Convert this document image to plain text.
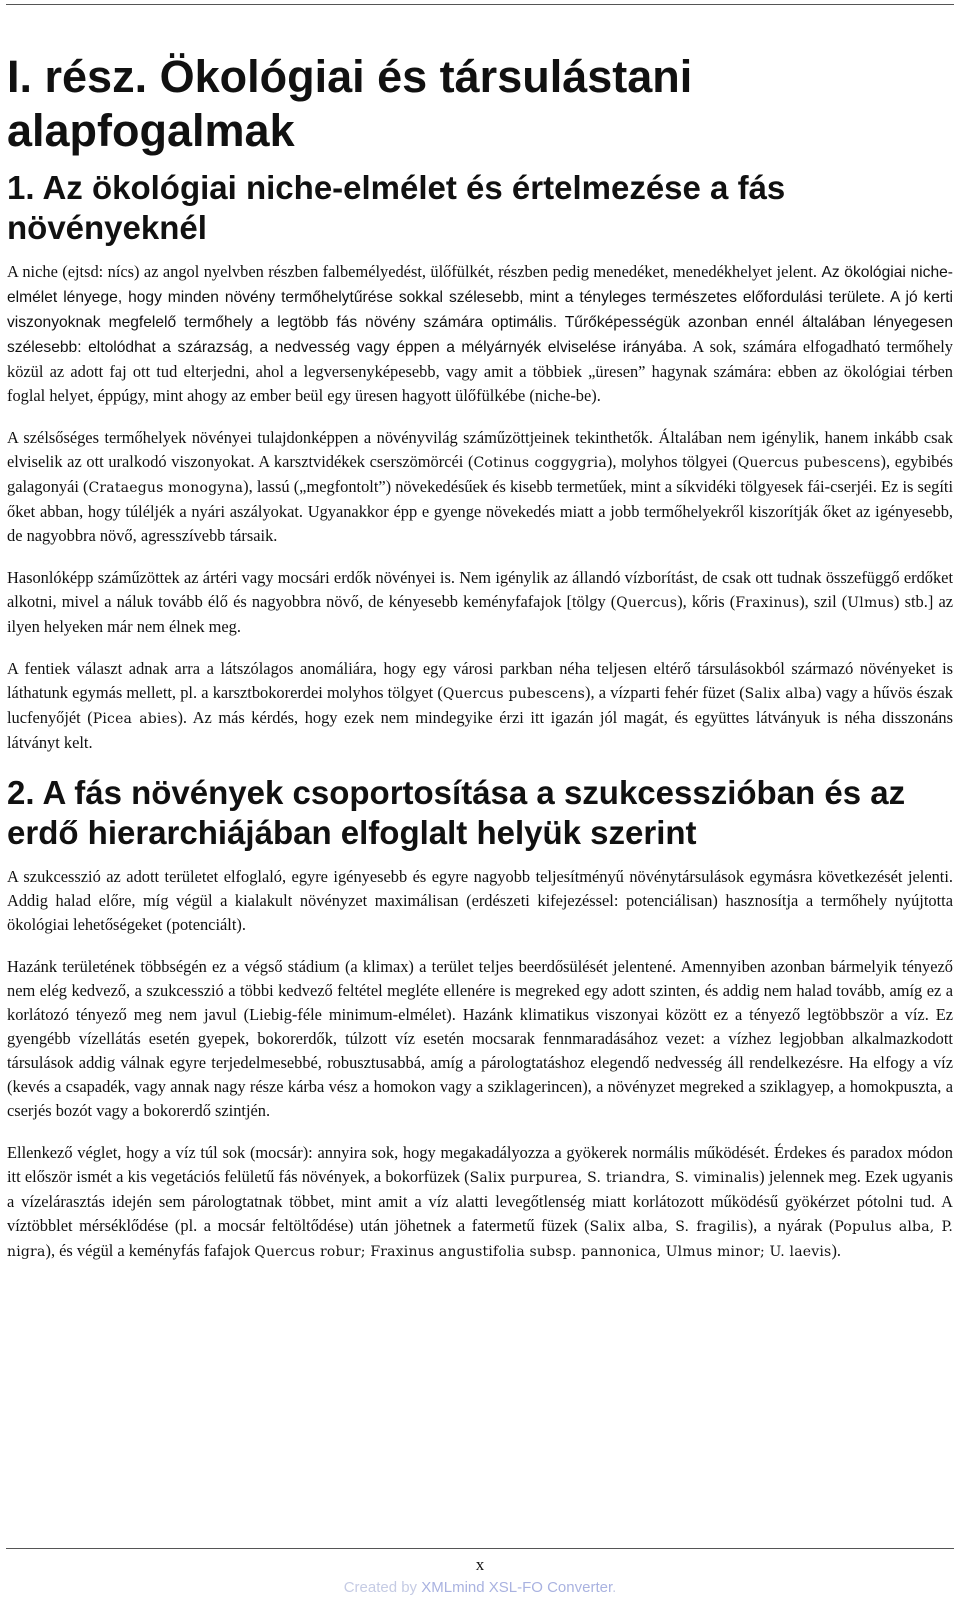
I. rész. Ökológiai és társulástani alapfogalmak
1. Az ökológiai niche-elmélet és értelmezése a fás növényeknél

A niche (ejtsd: nícs) az angol nyelvben részben falbemélyedést, ülőfülkét, részben pedig menedéket, menedékhelyet jelent. Az ökológiai niche-elmélet lényege, hogy minden növény termőhelytűrése sokkal szélesebb, mint a tényleges természetes előfordulási területe. A jó kerti viszonyoknak megfelelő termőhely a legtöbb fás növény számára optimális. Tűrőképességük azonban ennél általában lényegesen szélesebb: eltolódhat a szárazság, a nedvesség vagy éppen a mélyárnyék elviselése irányába. A sok, számára elfogadható termőhely közül az adott faj ott tud elterjedni, ahol a legversenyképesebb, vagy amit a többiek „üresen” hagynak számára: ebben az ökológiai térben foglal helyet, éppúgy, mint ahogy az ember beül egy üresen hagyott ülőfülkébe (niche-be).

A szélsőséges termőhelyek növényei tulajdonképpen a növényvilág száműzöttjeinek tekinthetők. Általában nem igénylik, hanem inkább csak elviselik az ott uralkodó viszonyokat. A karsztvidékek cserszömörcéi (Cotinus coggygria), molyhos tölgyei (Quercus pubescens), egybibés galagonyái (Crataegus monogyna), lassú („megfontolt”) növekedésűek és kisebb termetűek, mint a síkvidéki tölgyesek fái-cserjéi. Ez is segíti őket abban, hogy túléljék a nyári aszályokat. Ugyanakkor épp e gyenge növekedés miatt a jobb termőhelyekről kiszorítják őket az igényesebb, de nagyobbra növő, agresszívebb társaik.

Hasonlóképp száműzöttek az ártéri vagy mocsári erdők növényei is. Nem igénylik az állandó vízborítást, de csak ott tudnak összefüggő erdőket alkotni, mivel a náluk tovább élő és nagyobbra növő, de kényesebb keményfafajok [tölgy (Quercus), kőris (Fraxinus), szil (Ulmus) stb.] az ilyen helyeken már nem élnek meg.

A fentiek választ adnak arra a látszólagos anomáliára, hogy egy városi parkban néha teljesen eltérő társulásokból származó növényeket is láthatunk egymás mellett, pl. a karsztbokorerdei molyhos tölgyet (Quercus pubescens), a vízparti fehér füzet (Salix alba) vagy a hűvös észak lucfenyőjét (Picea abies). Az más kérdés, hogy ezek nem mindegyike érzi itt igazán jól magát, és együttes látványuk is néha disszonáns látványt kelt.

2. A fás növények csoportosítása a szukcesszióban és az erdő hierarchiájában elfoglalt helyük szerint

A szukcesszió az adott területet elfoglaló, egyre igényesebb és egyre nagyobb teljesítményű növénytársulások egymásra következését jelenti. Addig halad előre, míg végül a kialakult növényzet maximálisan (erdészeti kifejezéssel: potenciálisan) hasznosítja a termőhely nyújtotta ökológiai lehetőségeket (potenciált).

Hazánk területének többségén ez a végső stádium (a klimax) a terület teljes beerdősülését jelentené. Amennyiben azonban bármelyik tényező nem elég kedvező, a szukcesszió a többi kedvező feltétel megléte ellenére is megreked egy adott szinten, és addig nem halad tovább, amíg ez a korlátozó tényező meg nem javul (Liebig-féle minimum-elmélet). Hazánk klimatikus viszonyai között ez a tényező legtöbbször a víz. Ez gyengébb vízellátás esetén gyepek, bokorerdők, túlzott víz esetén mocsarak fennmaradásához vezet: a vízhez legjobban alkalmazkodott társulások addig válnak egyre terjedelmesebbé, robusztusabbá, amíg a párologtatáshoz elegendő nedvesség áll rendelkezésre. Ha elfogy a víz (kevés a csapadék, vagy annak nagy része kárba vész a homokon vagy a sziklagerincen), a növényzet megreked a sziklagyep, a homokpuszta, a cserjés bozót vagy a bokorerdő szintjén.

Ellenkező véglet, hogy a víz túl sok (mocsár): annyira sok, hogy megakadályozza a gyökerek normális működését. Érdekes és paradox módon itt először ismét a kis vegetációs felületű fás növények, a bokorfüzek (Salix purpurea, S. triandra, S. viminalis) jelennek meg. Ezek ugyanis a vízelárasztás idején sem párologtatnak többet, mint amit a víz alatti levegőtlenség miatt korlátozott működésű gyökérzet pótolni tud. A víztöbblet mérséklődése (pl. a mocsár feltöltődése) után jöhetnek a fatermetű füzek (Salix alba, S. fragilis), a nyárak (Populus alba, P. nigra), és végül a keményfás fafajok Quercus robur; Fraxinus angustifolia subsp. pannonica, Ulmus minor; U. laevis).

x
Created by XMLmind XSL-FO Converter.
